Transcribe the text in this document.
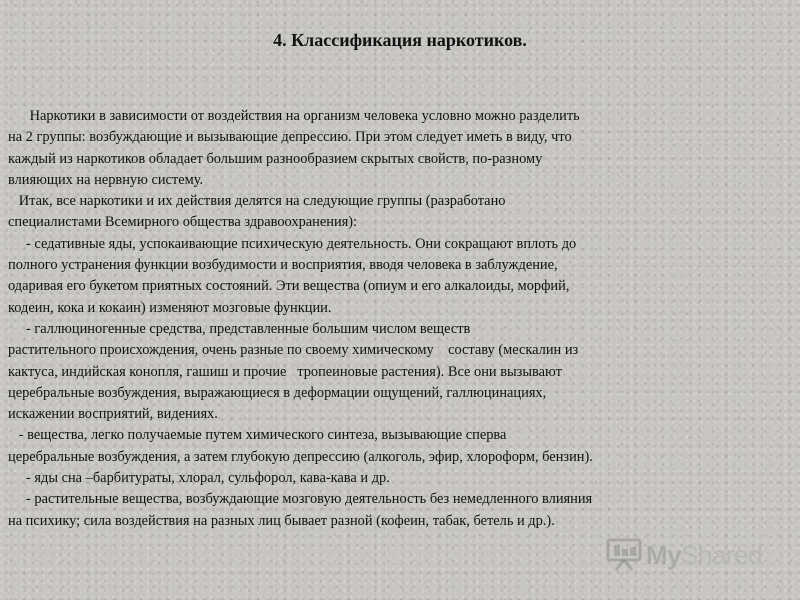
4. Классификация наркотиков.
Наркотики в зависимости от воздействия на организм человека условно можно разделить
на 2 группы: возбуждающие и вызывающие депрессию. При этом следует иметь в виду, что
каждый из наркотиков обладает большим разнообразием скрытых свойств, по-разному
влияющих на нервную систему.
Итак, все наркотики и их действия делятся на следующие группы (разработано
специалистами Всемирного общества здравоохранения):
- седативные яды, успокаивающие психическую деятельность. Они сокращают вплоть до
полного устранения функции возбудимости и восприятия, вводя человека в заблуждение,
одаривая его букетом приятных состояний. Эти вещества (опиум и его алкалоиды, морфий,
кодеин, кока и кокаин) изменяют мозговые функции.
- галлюциногенные средства, представленные большим числом веществ
растительного происхождения, очень разные по своему химическому    составу (мескалин из
кактуса, индийская конопля, гашиш и прочие   тропеиновые растения). Все они вызывают
церебральные возбуждения, выражающиеся в деформации ощущений, галлюцинациях,
искажении восприятий, видениях.
- вещества, легко получаемые путем химического синтеза, вызывающие сперва
церебральные возбуждения, а затем глубокую депрессию (алкоголь, эфир, хлороформ, бензин).
- яды сна –барбитураты, хлорал, сульфорол, кава-кава и др.
- растительные вещества, возбуждающие мозговую деятельность без немедленного влияния
на психику; сила воздействия на разных лиц бывает разной (кофеин, табак, бетель и др.).
MyShared
